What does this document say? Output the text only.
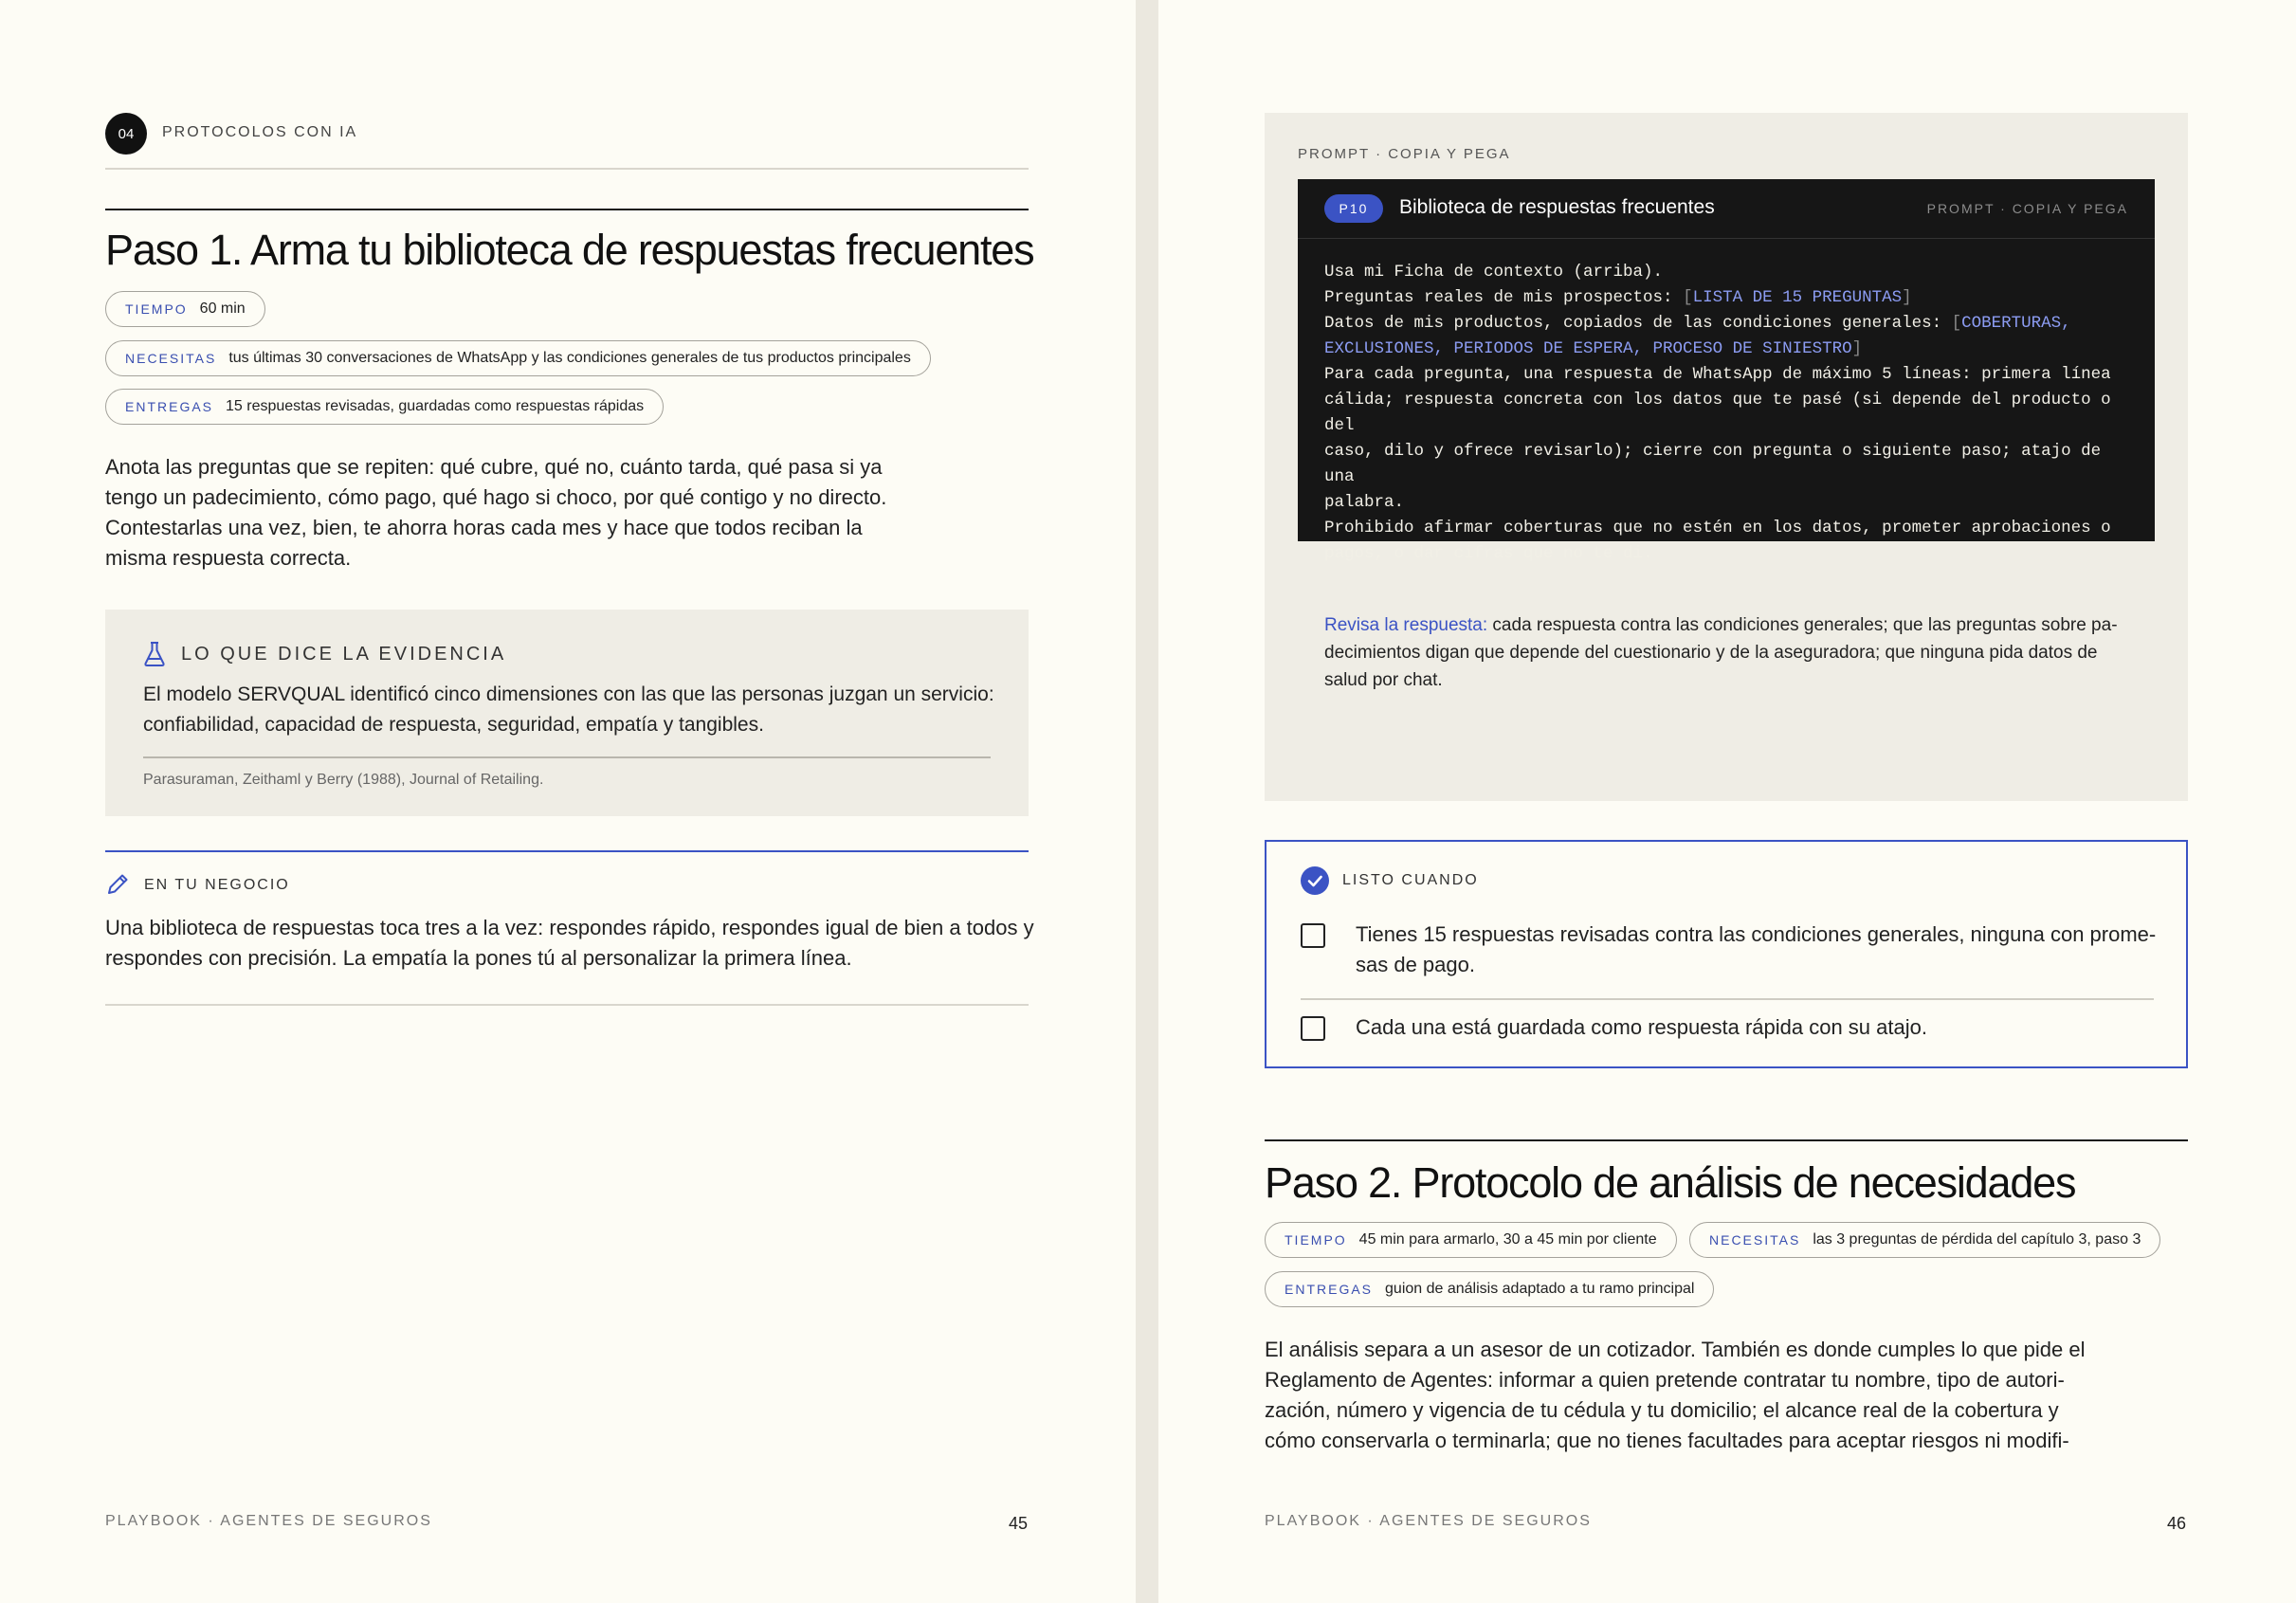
04	PROTOCOLOS CON IA
Paso 1. Arma tu biblioteca de respuestas frecuentes
TIEMPO 60 min
NECESITAS tus últimas 30 conversaciones de WhatsApp y las condiciones generales de tus productos principales
ENTREGAS 15 respuestas revisadas, guardadas como respuestas rápidas

Anota las preguntas que se repiten: qué cubre, qué no, cuánto tarda, qué pasa si ya
tengo un padecimiento, cómo pago, qué hago si choco, por qué contigo y no directo.
Contestarlas una vez, bien, te ahorra horas cada mes y hace que todos reciban la
misma respuesta correcta.

LO QUE DICE LA EVIDENCIA

El modelo SERVQUAL identificó cinco dimensiones con las que las personas juzgan un servicio:
confiabilidad, capacidad de respuesta, seguridad, empatía y tangibles.

Parasuraman, Zeithaml y Berry (1988), Journal of Retailing.
EN TU NEGOCIO

Una biblioteca de respuestas toca tres a la vez: respondes rápido, respondes igual de bien a todos y
respondes con precisión. La empatía la pones tú al personalizar la primera línea.

PLAYBOOK · AGENTES DE SEGUROS	45
PROMPT · COPIA Y PEGA
P10	Biblioteca de respuestas frecuentes	PROMPT · COPIA Y PEGA

Usa mi Ficha de contexto (arriba).
Preguntas reales de mis prospectos: [LISTA DE 15 PREGUNTAS]
Datos de mis productos, copiados de las condiciones generales: [COBERTURAS,
EXCLUSIONES, PERIODOS DE ESPERA, PROCESO DE SINIESTRO]
Para cada pregunta, una respuesta de WhatsApp de máximo 5 líneas: primera línea
cálida; respuesta concreta con los datos que te pasé (si depende del producto o del
caso, dilo y ofrece revisarlo); cierre con pregunta o siguiente paso; atajo de una
palabra.
Prohibido afirmar coberturas que no estén en los datos, prometer aprobaciones o
pagos, o dar cifras que no te di.

Revisa la respuesta: cada respuesta contra las condiciones generales; que las preguntas sobre pa-
decimientos digan que depende del cuestionario y de la aseguradora; que ninguna pida datos de
salud por chat.

LISTO CUANDO

Tienes 15 respuestas revisadas contra las condiciones generales, ninguna con prome-
sas de pago.

Cada una está guardada como respuesta rápida con su atajo.

Paso 2. Protocolo de análisis de necesidades
TIEMPO 45 min para armarlo, 30 a 45 min por cliente	NECESITAS las 3 preguntas de pérdida del capítulo 3, paso 3
ENTREGAS guion de análisis adaptado a tu ramo principal

El análisis separa a un asesor de un cotizador. También es donde cumples lo que pide el
Reglamento de Agentes: informar a quien pretende contratar tu nombre, tipo de autori-
zación, número y vigencia de tu cédula y tu domicilio; el alcance real de la cobertura y
cómo conservarla o terminarla; que no tienes facultades para aceptar riesgos ni modifi-

PLAYBOOK · AGENTES DE SEGUROS	46
